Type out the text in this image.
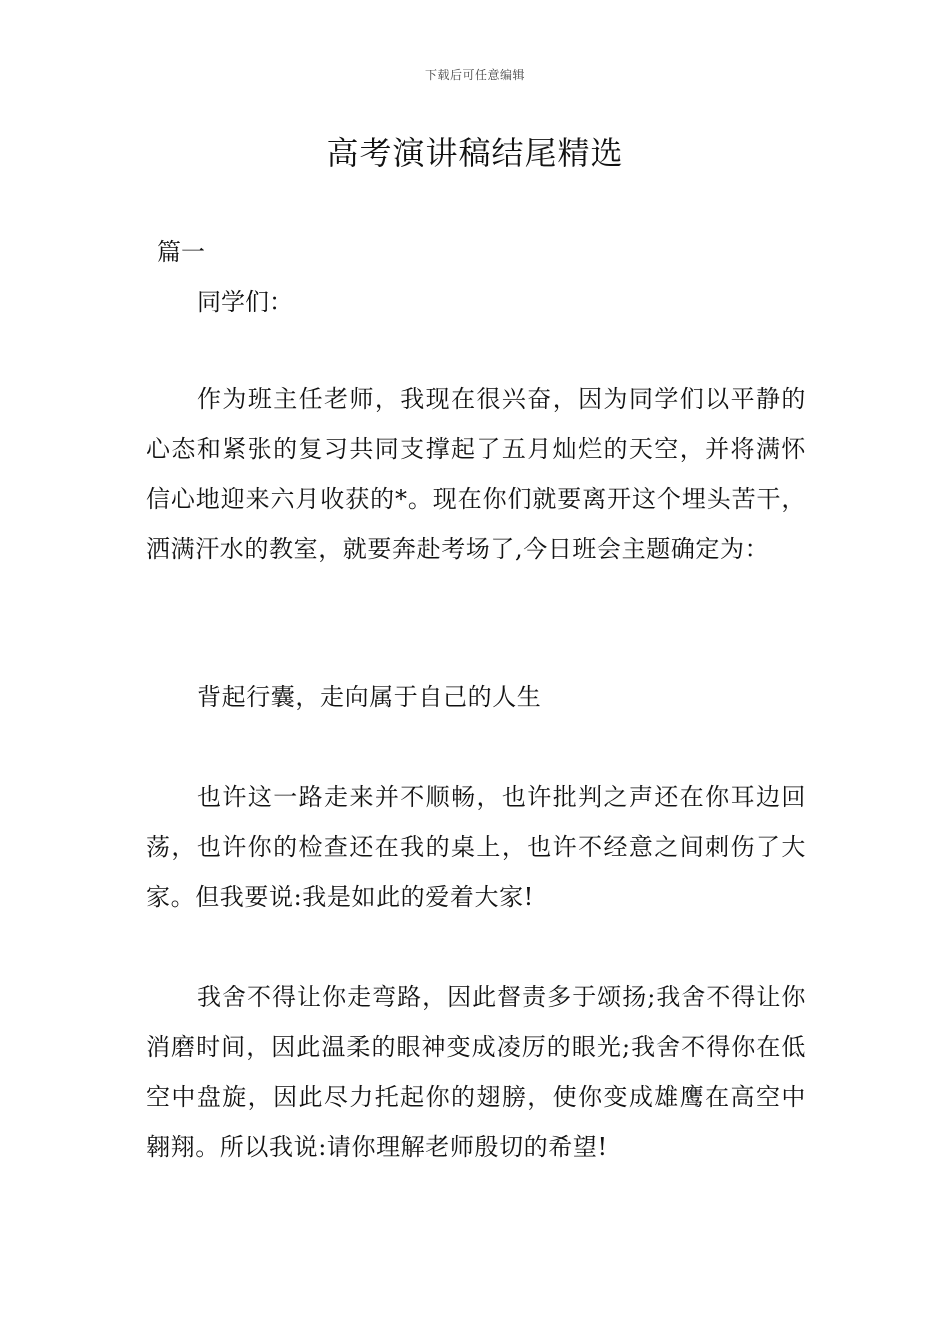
下载后可任意编辑
高考演讲稿结尾精选
篇一
同学们：

作为班主任老师，我现在很兴奋，因为同学们以平静的心态和紧张的复习共同支撑起了五月灿烂的天空，并将满怀信心地迎来六月收获的*。现在你们就要离开这个埋头苦干，洒满汗水的教室，就要奔赴考场了,今日班会主题确定为：

背起行囊，走向属于自己的人生

也许这一路走来并不顺畅，也许批判之声还在你耳边回荡，也许你的检查还在我的桌上，也许不经意之间刺伤了大家。但我要说:我是如此的爱着大家!

我舍不得让你走弯路，因此督责多于颂扬;我舍不得让你消磨时间，因此温柔的眼神变成凌厉的眼光;我舍不得你在低空中盘旋，因此尽力托起你的翅膀，使你变成雄鹰在高空中翱翔。所以我说:请你理解老师殷切的希望!
